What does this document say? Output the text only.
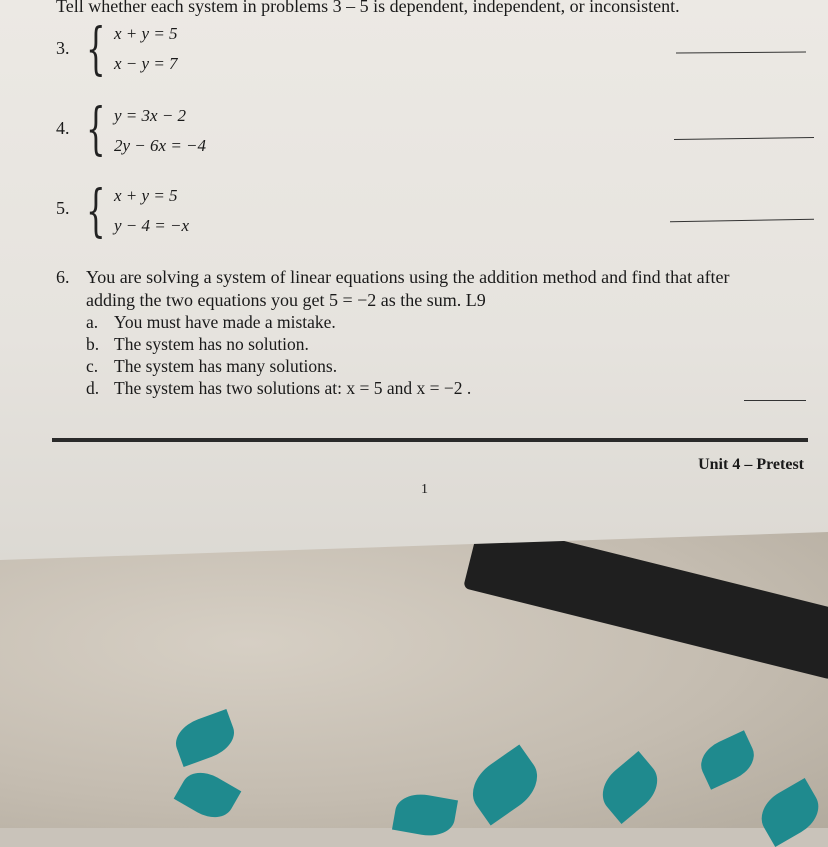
Tell whether each system in problems 3 – 5 is dependent, independent, or inconsistent.
3. { x + y = 5
x − y = 7
4. { y = 3x − 2
2y − 6x = −4
5. { x + y = 5
y − 4 = −x
6. You are solving a system of linear equations using the addition method and find that after
adding the two equations you get 5 = −2 as the sum. L9
a. You must have made a mistake.
b. The system has no solution.
c. The system has many solutions.
d. The system has two solutions at: x = 5 and x = −2 .
Unit 4 – Pretest
1
